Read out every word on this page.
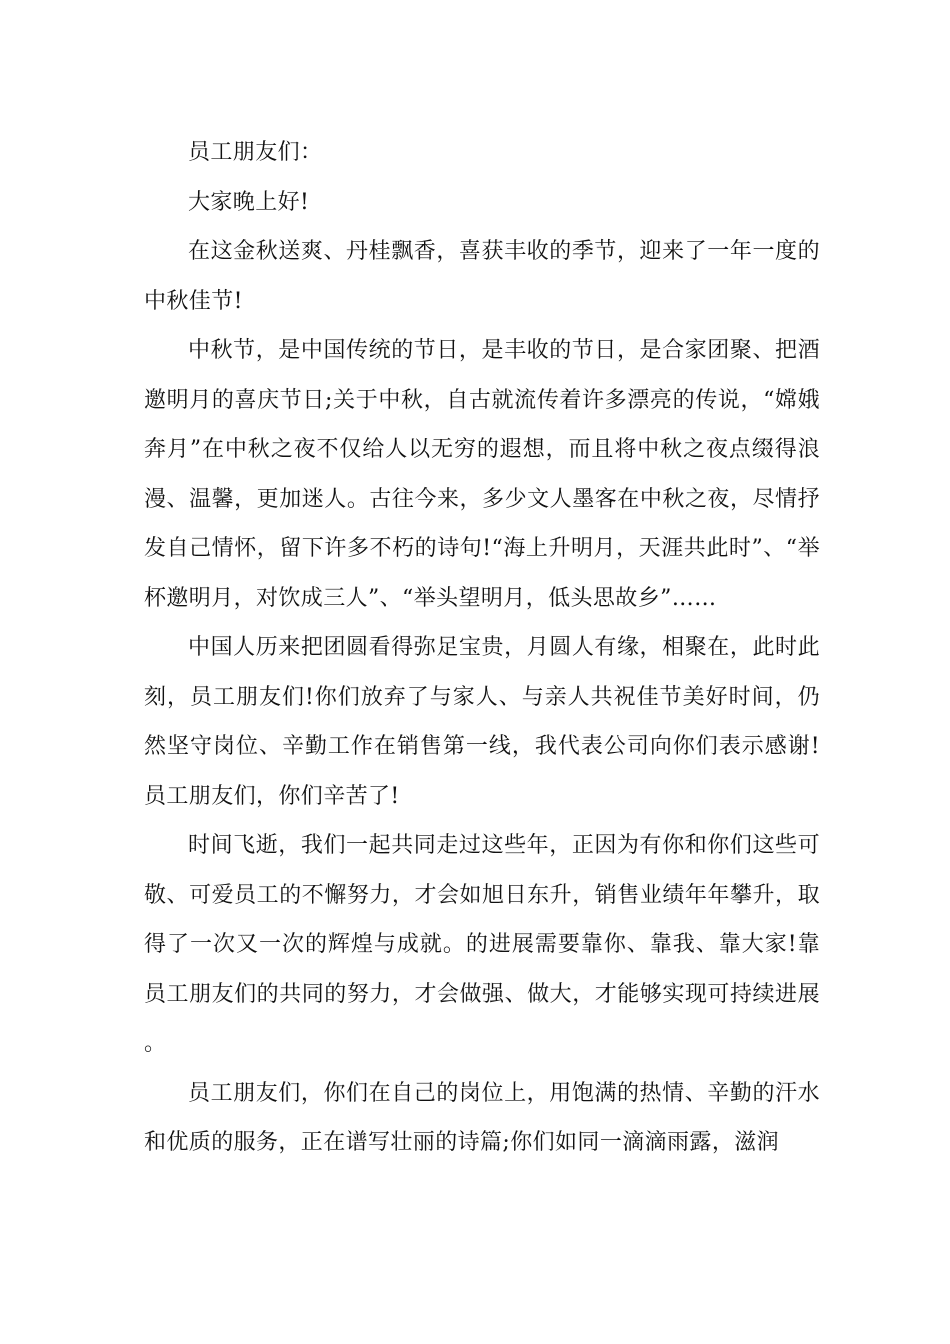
员工朋友们：

大家晚上好!

在这金秋送爽、丹桂飘香，喜获丰收的季节，迎来了一年一度的中秋佳节!

中秋节，是中国传统的节日，是丰收的节日，是合家团聚、把酒邀明月的喜庆节日;关于中秋，自古就流传着许多漂亮的传说，“嫦娥奔月”在中秋之夜不仅给人以无穷的遐想，而且将中秋之夜点缀得浪漫、温馨，更加迷人。古往今来，多少文人墨客在中秋之夜，尽情抒发自己情怀，留下许多不朽的诗句!“海上升明月，天涯共此时”、“举杯邀明月，对饮成三人”、“举头望明月，低头思故乡”……

中国人历来把团圆看得弥足宝贵，月圆人有缘，相聚在，此时此刻，员工朋友们!你们放弃了与家人、与亲人共祝佳节美好时间，仍然坚守岗位、辛勤工作在销售第一线，我代表公司向你们表示感谢!员工朋友们，你们辛苦了!

时间飞逝，我们一起共同走过这些年，正因为有你和你们这些可敬、可爱员工的不懈努力，才会如旭日东升，销售业绩年年攀升，取得了一次又一次的辉煌与成就。的进展需要靠你、靠我、靠大家!靠员工朋友们的共同的努力，才会做强、做大，才能够实现可持续进展。

员工朋友们，你们在自己的岗位上，用饱满的热情、辛勤的汗水和优质的服务，正在谱写壮丽的诗篇;你们如同一滴滴雨露，滋润
